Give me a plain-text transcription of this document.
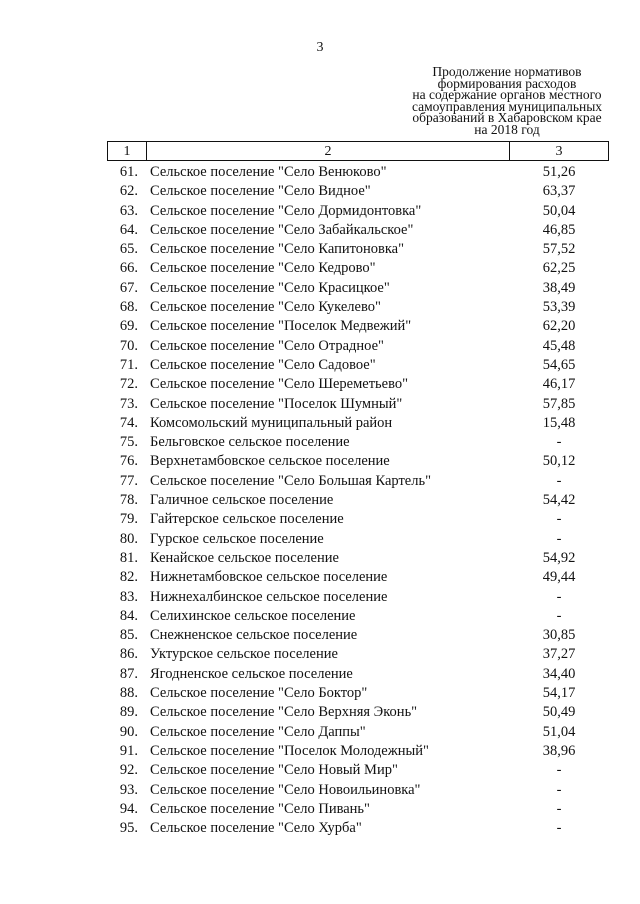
3
Продолжение нормативов
формирования расходов
на содержание органов местного
самоуправления муниципальных
образований в Хабаровском крае
на 2018 год
1	2	3
61. Сельское поселение "Село Венюково"	51,26
62. Сельское поселение "Село Видное"	63,37
63. Сельское поселение "Село Дормидонтовка"	50,04
64. Сельское поселение "Село Забайкальское"	46,85
65. Сельское поселение "Село Капитоновка"	57,52
66. Сельское поселение "Село Кедрово"	62,25
67. Сельское поселение "Село Красицкое"	38,49
68. Сельское поселение "Село Кукелево"	53,39
69. Сельское поселение "Поселок Медвежий"	62,20
70. Сельское поселение "Село Отрадное"	45,48
71. Сельское поселение "Село Садовое"	54,65
72. Сельское поселение "Село Шереметьево"	46,17
73. Сельское поселение "Поселок Шумный"	57,85
74. Комсомольский муниципальный район	15,48
75. Бельговское сельское поселение	-
76. Верхнетамбовское сельское поселение	50,12
77. Сельское поселение "Село Большая Картель"	-
78. Галичное сельское поселение	54,42
79. Гайтерское сельское поселение	-
80. Гурское сельское поселение	-
81. Кенайское сельское поселение	54,92
82. Нижнетамбовское сельское поселение	49,44
83. Нижнехалбинское сельское поселение	-
84. Селихинское сельское поселение	-
85. Снежненское сельское поселение	30,85
86. Уктурское сельское поселение	37,27
87. Ягодненское сельское поселение	34,40
88. Сельское поселение "Село Боктор"	54,17
89. Сельское поселение "Село Верхняя Эконь"	50,49
90. Сельское поселение "Село Даппы"	51,04
91. Сельское поселение "Поселок Молодежный"	38,96
92. Сельское поселение "Село Новый Мир"	-
93. Сельское поселение "Село Новоильиновка"	-
94. Сельское поселение "Село Пивань"	-
95. Сельское поселение "Село Хурба"	-
